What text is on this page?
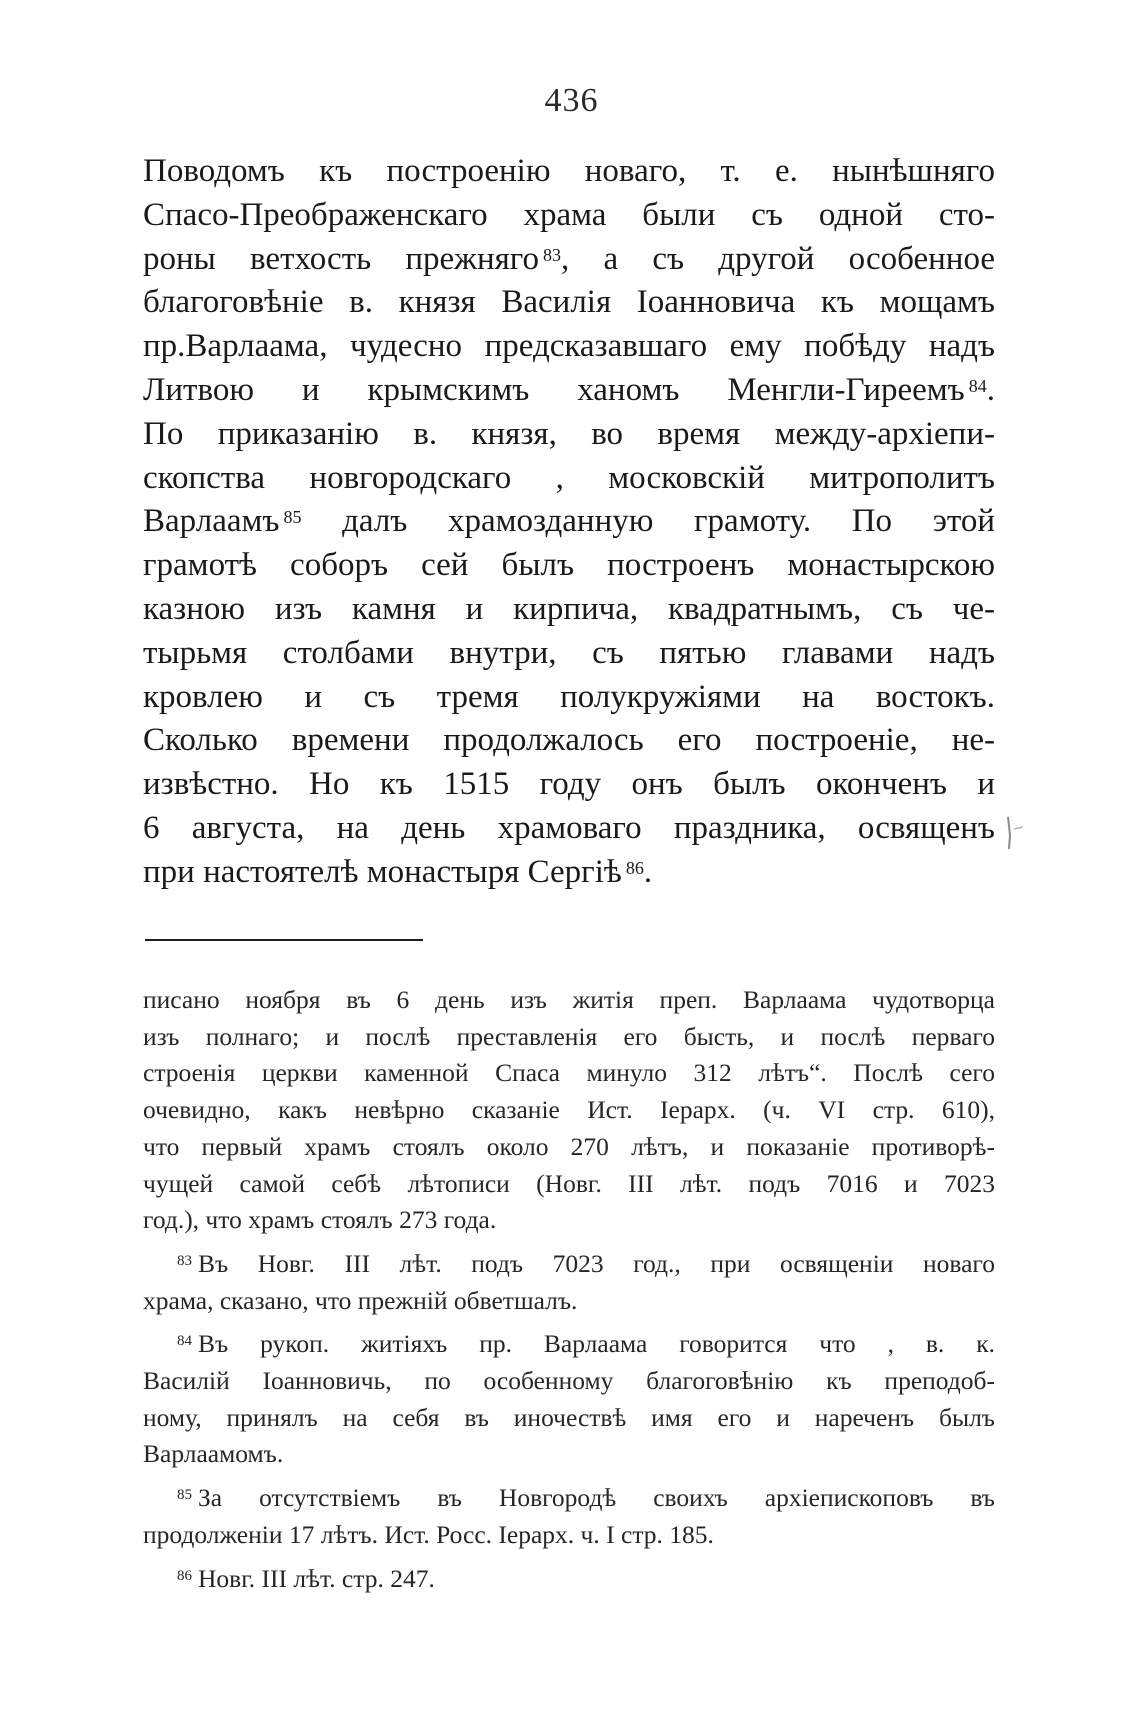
436
Поводомъ къ построенію новаго, т. е. нынѣшняго
Спасо-Преображенскаго храма были съ одной сто-
роны ветхость прежняго $^{83}$, а съ другой особенное
благоговѣніе в. князя Василія Іоанновича къ мощамъ
пр.Варлаама, чудесно предсказавшаго ему побѣду надъ
Литвою и крымскимъ ханомъ Менгли-Гиреемъ $^{84}$.
По приказанію в. князя, во время между-архіепи-
скопства новгородскаго , московскій митрополитъ
Варлаамъ $^{85}$ далъ храмозданную грамоту. По этой
грамотѣ соборъ сей былъ построенъ монастырскою
казною изъ камня и кирпича, квадратнымъ, съ че-
тырьмя столбами внутри, съ пятью главами надъ
кровлею и съ тремя полукружіями на востокъ.
Сколько времени продолжалось его построеніе, не-
извѣстно. Но къ 1515 году онъ былъ оконченъ и
6 августа, на день храмоваго праздника, освященъ
при настоятелѣ монастыря Сергіѣ $^{86}$.
писано ноября въ 6 день изъ житія преп. Варлаама чудотворца
изъ полнаго; и послѣ преставленія его бысть, и послѣ перваго
строенія церкви каменной Спаса минуло 312 лѣтъ“. Послѣ сего
очевидно, какъ невѣрно сказаніе Ист. Іерарх. (ч. VI стр. 610),
что первый храмъ стоялъ около 270 лѣтъ, и показаніе противорѣ-
чущей самой себѣ лѣтописи (Новг. III лѣт. подъ 7016 и 7023
год.), что храмъ стоялъ 273 года.
$^{83}$ Въ Новг. III лѣт. подъ 7023 год., при освященіи новаго
храма, сказано, что прежній обветшалъ.
$^{84}$ Въ рукоп. житіяхъ пр. Варлаама говорится что , в. к.
Василій Іоанновичь, по особенному благоговѣнію къ преподоб-
ному, принялъ на себя въ иночествѣ имя его и нареченъ былъ
Варлаамомъ.
$^{85}$ За отсутствіемъ въ Новгородѣ своихъ архіепископовъ въ
продолженіи 17 лѣтъ. Ист. Росс. Іерарх. ч. I стр. 185.
$^{86}$ Новг. III лѣт. стр. 247.
